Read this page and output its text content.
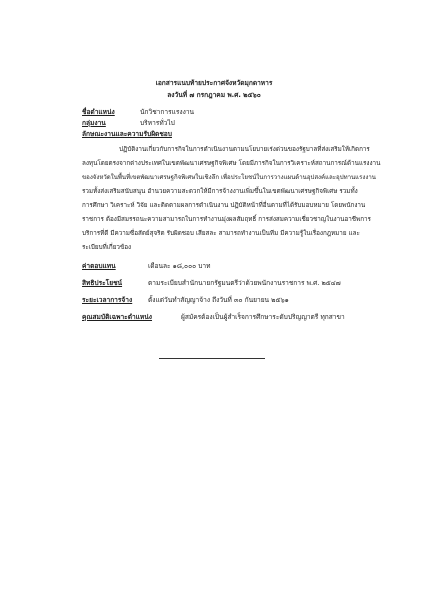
เอกสารแนบท้ายประกาศจังหวัดมุกดาหาร
ลงวันที่ ๗ กรกฎาคม พ.ศ. ๒๕๖๐
ชื่อตำแหน่ง	นักวิชาการแรงงาน
กลุ่มงาน	บริหารทั่วไป
ลักษณะงานและความรับผิดชอบ
ปฏิบัติงานเกี่ยวกับการกิจในการดำเนินงานตามนโยบายเร่งด่วนของรัฐบาลที่ส่งเสริมให้เกิดการ
ลงทุนโดยตรงจากต่างประเทศในเขตพัฒนาเศรษฐกิจพิเศษ โดยมีภารกิจในการวิเคราะห์สถานการณ์ด้านแรงงาน
ของจังหวัดในพื้นที่เขตพัฒนาเศรษฐกิจพิเศษในเชิงลึก เพื่อประโยชน์ในการวางแผนด้านอุปสงค์และอุปทานแรงงาน
รวมทั้งส่งเสริมสนับสนุน อำนวยความสะดวกให้มีการจ้างงานเพิ่มขึ้นในเขตพัฒนาเศรษฐกิจพิเศษ รวมทั้ง
การศึกษา วิเคราะห์ วิจัย และติดตามผลการดำเนินงาน ปฏิบัติหน้าที่อื่นตามที่ได้รับมอบหมาย โดยพนักงาน
ราชการ ต้องมีสมรรถนะความสามารถในการทำงานมุ่งผลสัมฤทธิ์ การส่งสมความเชี่ยวชาญในงานอาชีพการ
บริการที่ดี มีความซื่อสัตย์สุจริต รับผิดชอบ เสียสละ สามารถทำงานเป็นทีม มีความรู้ในเรื่องกฎหมาย และ
ระเบียบที่เกี่ยวข้อง
ค่าตอบแทน	เดือนละ ๑๘,๐๐๐ บาท
สิทธิประโยชน์	ตามระเบียบสำนักนายกรัฐมนตรีว่าด้วยพนักงานราชการ พ.ศ. ๒๕๔๗
ระยะเวลาการจ้าง ตั้งแต่วันทำสัญญาจ้าง ถึงวันที่ ๓๐ กันยายน ๒๕๖๑
คุณสมบัติเฉพาะตำแหน่ง	ผู้สมัครต้องเป็นผู้สำเร็จการศึกษาระดับปริญญาตรี ทุกสาขา
